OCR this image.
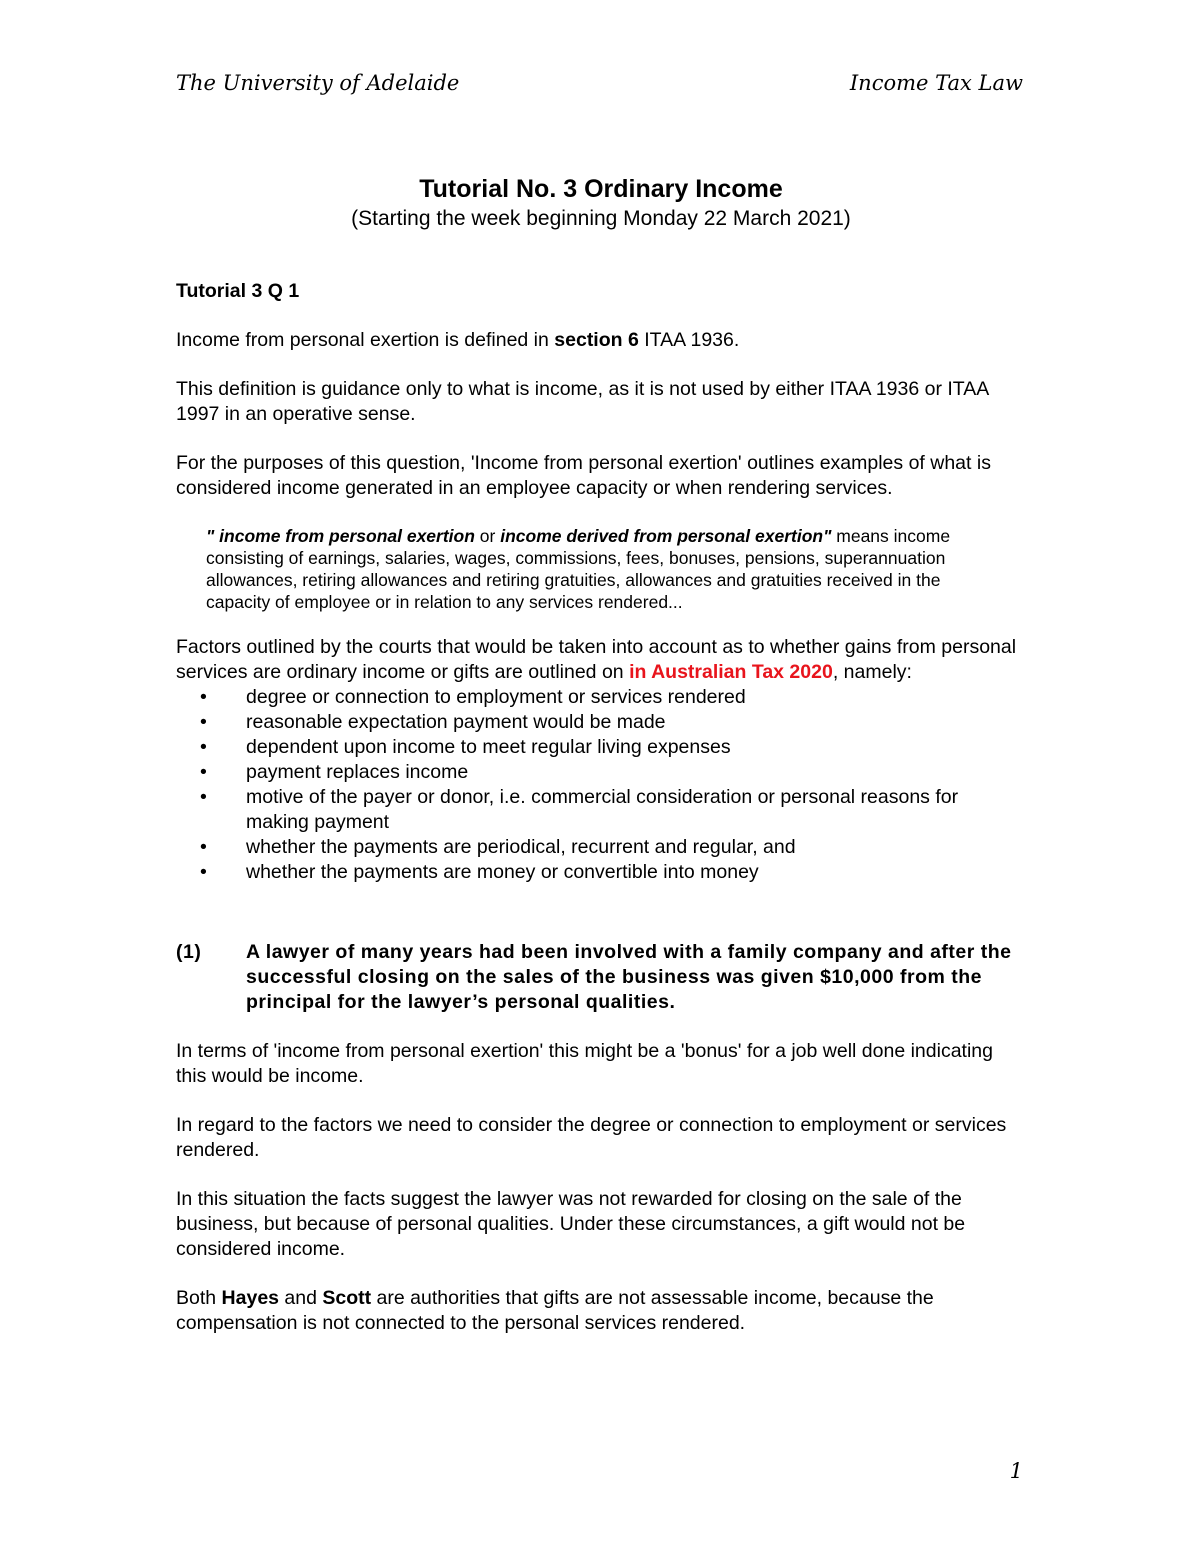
The University of Adelaide	Income Tax Law
Tutorial No. 3 Ordinary Income
(Starting the week beginning Monday 22 March 2021)

Tutorial 3 Q 1

Income from personal exertion is defined in section 6 ITAA 1936.

This definition is guidance only to what is income, as it is not used by either ITAA 1936 or ITAA 1997 in an operative sense.

For the purposes of this question, 'Income from personal exertion' outlines examples of what is considered income generated in an employee capacity or when rendering services.

" income from personal exertion or income derived from personal exertion" means income consisting of earnings, salaries, wages, commissions, fees, bonuses, pensions, superannuation allowances, retiring allowances and retiring gratuities, allowances and gratuities received in the capacity of employee or in relation to any services rendered...

Factors outlined by the courts that would be taken into account as to whether gains from personal services are ordinary income or gifts are outlined on in Australian Tax 2020, namely:

• degree or connection to employment or services rendered
• reasonable expectation payment would be made
• dependent upon income to meet regular living expenses
• payment replaces income
• motive of the payer or donor, i.e. commercial consideration or personal reasons for making payment
• whether the payments are periodical, recurrent and regular, and
• whether the payments are money or convertible into money
(1)	A lawyer of many years had been involved with a family company and after the successful closing on the sales of the business was given $10,000 from the principal for the lawyer’s personal qualities.

In terms of 'income from personal exertion' this might be a 'bonus' for a job well done indicating this would be income.

In regard to the factors we need to consider the degree or connection to employment or services rendered.

In this situation the facts suggest the lawyer was not rewarded for closing on the sale of the business, but because of personal qualities. Under these circumstances, a gift would not be considered income.

Both Hayes and Scott are authorities that gifts are not assessable income, because the compensation is not connected to the personal services rendered.

1
